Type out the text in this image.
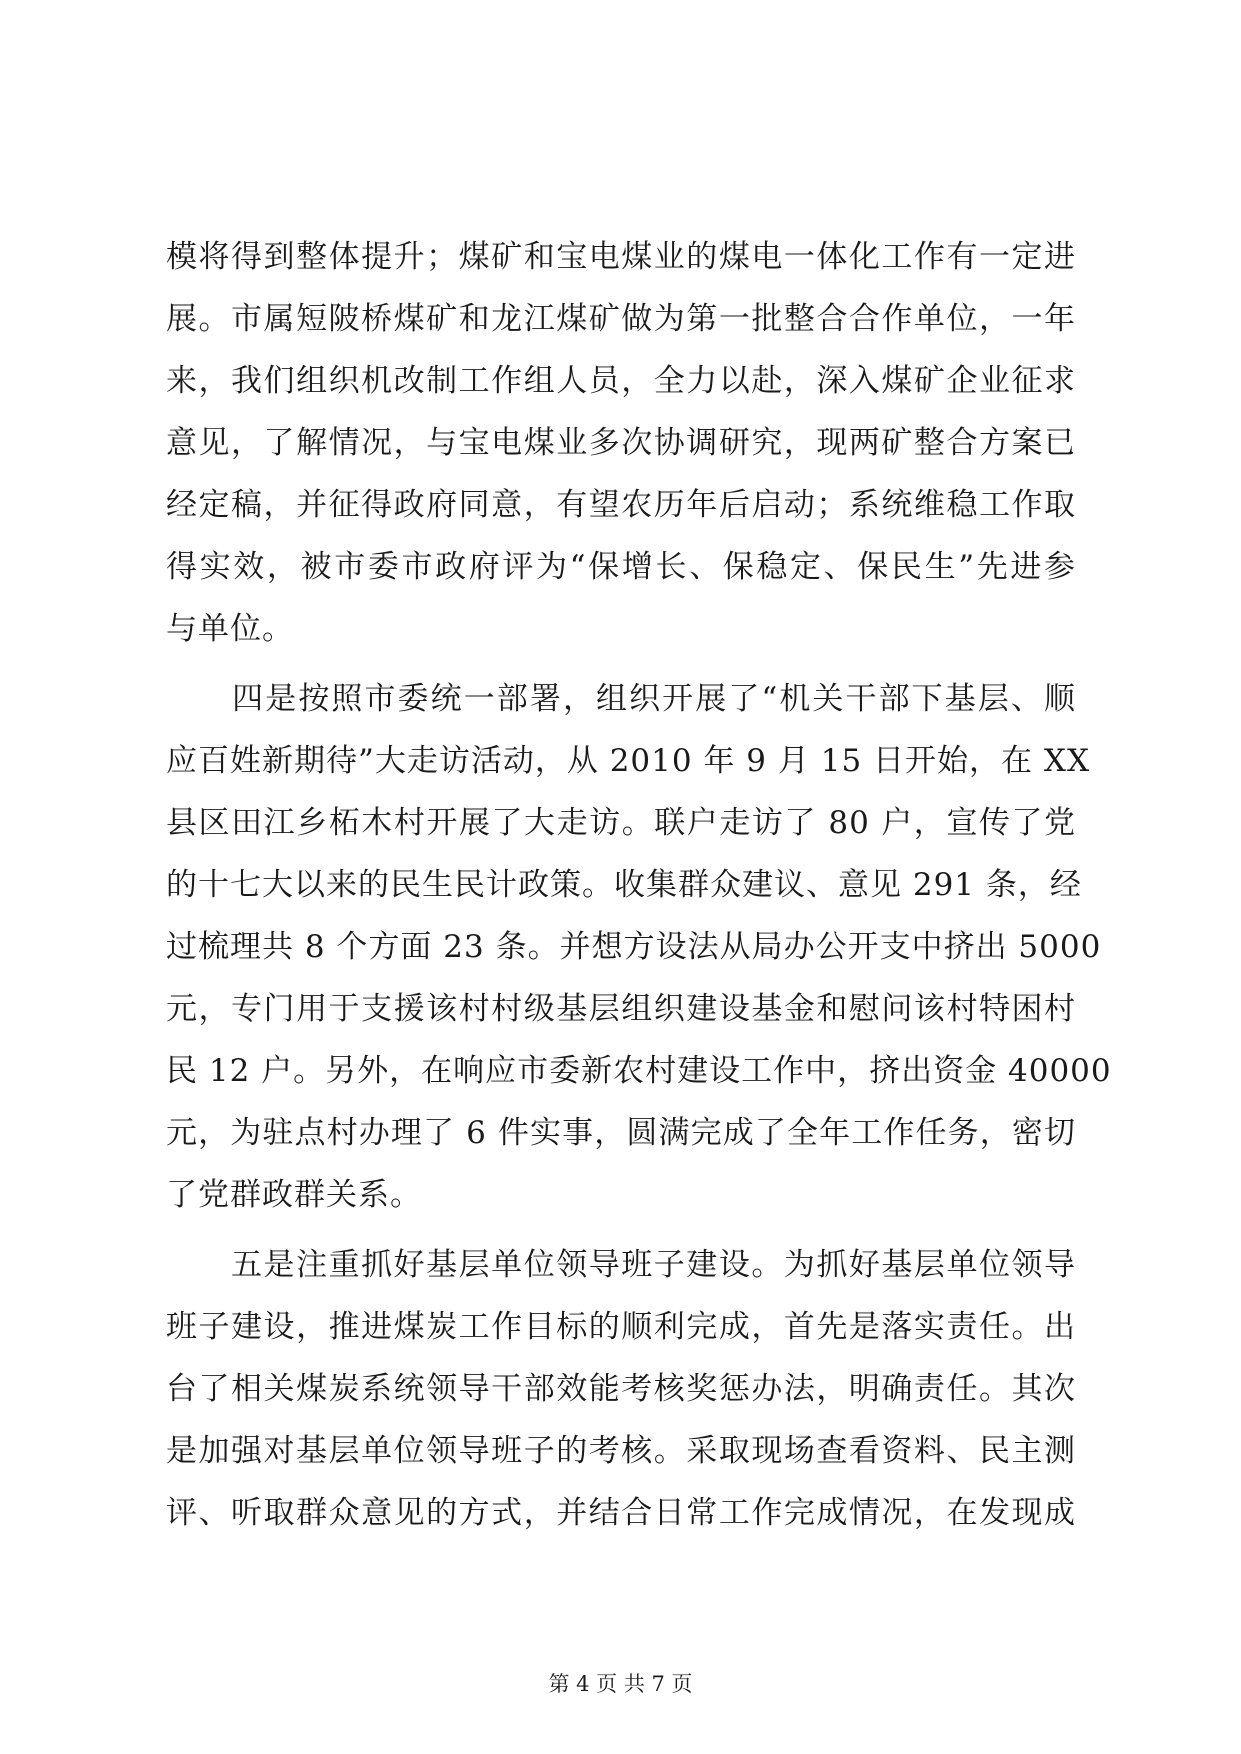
模将得到整体提升；煤矿和宝电煤业的煤电一体化工作有一定进
展。市属短陂桥煤矿和龙江煤矿做为第一批整合合作单位，一年
来，我们组织机改制工作组人员，全力以赴，深入煤矿企业征求
意见，了解情况，与宝电煤业多次协调研究，现两矿整合方案已
经定稿，并征得政府同意，有望农历年后启动；系统维稳工作取
得实效，被市委市政府评为“保增长、保稳定、保民生”先进参
与单位。
　　四是按照市委统一部署，组织开展了“机关干部下基层、顺
应百姓新期待”大走访活动，从 2010 年 9 月 15 日开始，在 XX
县区田江乡柘木村开展了大走访。联户走访了 80 户，宣传了党
的十七大以来的民生民计政策。收集群众建议、意见 291 条，经
过梳理共 8 个方面 23 条。并想方设法从局办公开支中挤出 5000
元，专门用于支援该村村级基层组织建设基金和慰问该村特困村
民 12 户。另外，在响应市委新农村建设工作中，挤出资金 40000
元，为驻点村办理了 6 件实事，圆满完成了全年工作任务，密切
了党群政群关系。
　　五是注重抓好基层单位领导班子建设。为抓好基层单位领导
班子建设，推进煤炭工作目标的顺利完成，首先是落实责任。出
台了相关煤炭系统领导干部效能考核奖惩办法，明确责任。其次
是加强对基层单位领导班子的考核。采取现场查看资料、民主测
评、听取群众意见的方式，并结合日常工作完成情况，在发现成
第 4 页 共 7 页
